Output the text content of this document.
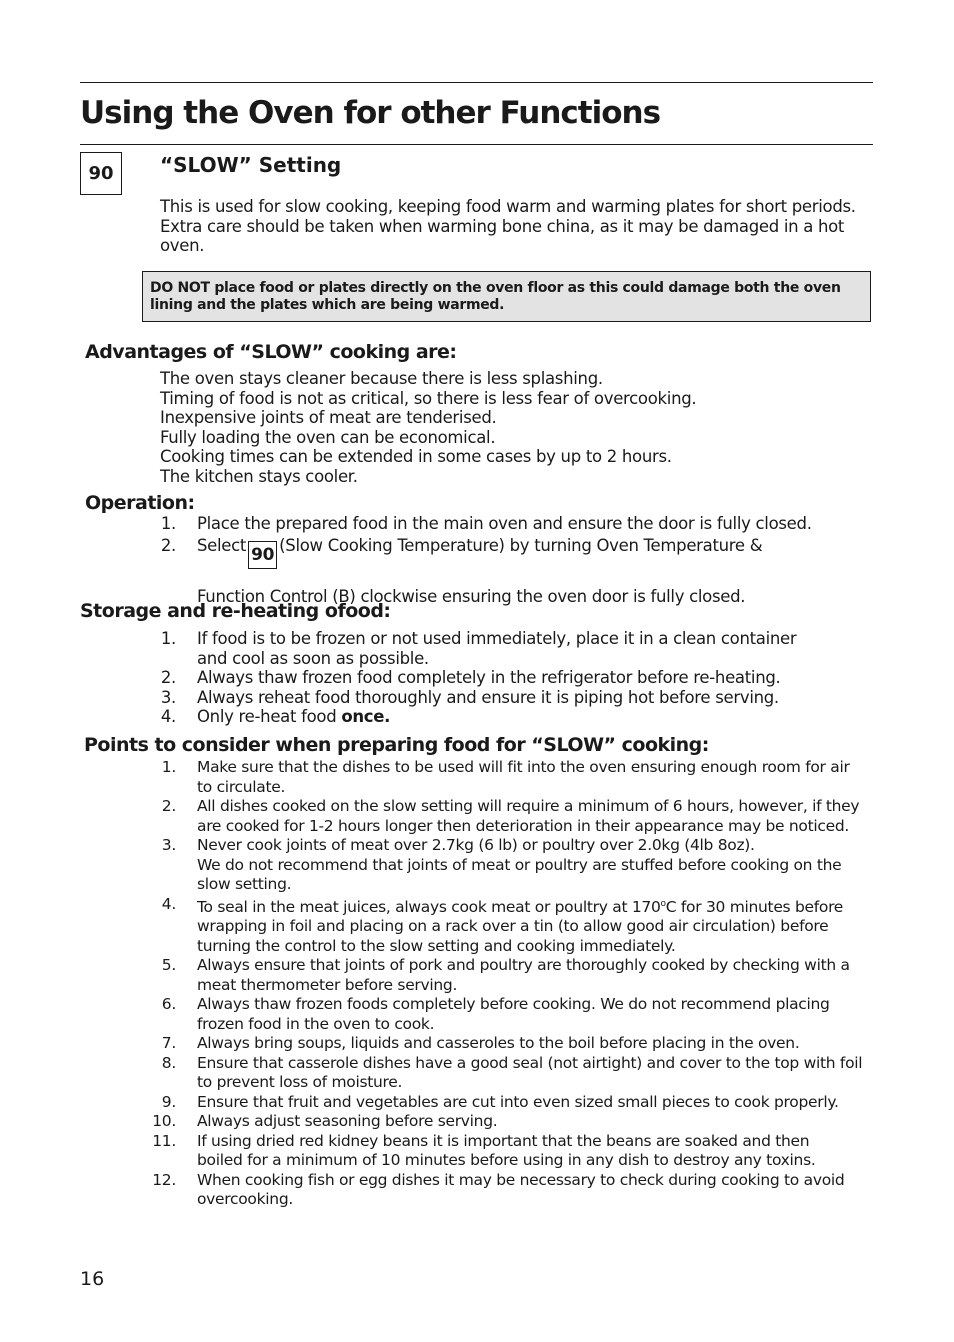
Using the Oven for other Functions
90	“SLOW” Setting
This is used for slow cooking, keeping food warm and warming plates for short periods.
Extra care should be taken when warming bone china, as it may be damaged in a hot
oven.
DO NOT place food or plates directly on the oven floor as this could damage both the oven
lining and the plates which are being warmed.
Advantages of “SLOW” cooking are:
The oven stays cleaner because there is less splashing.
Timing of food is not as critical, so there is less fear of overcooking.
Inexpensive joints of meat are tenderised.
Fully loading the oven can be economical.
Cooking times can be extended in some cases by up to 2 hours.
The kitchen stays cooler.
Operation:
1. Place the prepared food in the main oven and ensure the door is fully closed.
2. Select 90 (Slow Cooking Temperature) by turning Oven Temperature &
Function Control (B) clockwise ensuring the oven door is fully closed.
Storage and re-heating ofood:
1. If food is to be frozen or not used immediately, place it in a clean container
and cool as soon as possible.
2. Always thaw frozen food completely in the refrigerator before re-heating.
3. Always reheat food thoroughly and ensure it is piping hot before serving.
4. Only re-heat food once.
Points to consider when preparing food for “SLOW” cooking:
1. Make sure that the dishes to be used will fit into the oven ensuring enough room for air
to circulate.
2. All dishes cooked on the slow setting will require a minimum of 6 hours, however, if they
are cooked for 1-2 hours longer then deterioration in their appearance may be noticed.
3. Never cook joints of meat over 2.7kg (6 lb) or poultry over 2.0kg (4lb 8oz).
We do not recommend that joints of meat or poultry are stuffed before cooking on the
slow setting.
4. To seal in the meat juices, always cook meat or poultry at 170$^o$C for 30 minutes before
wrapping in foil and placing on a rack over a tin (to allow good air circulation) before
turning the control to the slow setting and cooking immediately.
5. Always ensure that joints of pork and poultry are thoroughly cooked by checking with a
meat thermometer before serving.
6. Always thaw frozen foods completely before cooking. We do not recommend placing
frozen food in the oven to cook.
7. Always bring soups, liquids and casseroles to the boil before placing in the oven.
8. Ensure that casserole dishes have a good seal (not airtight) and cover to the top with foil
to prevent loss of moisture.
9. Ensure that fruit and vegetables are cut into even sized small pieces to cook properly.
10. Always adjust seasoning before serving.
11. If using dried red kidney beans it is important that the beans are soaked and then
boiled for a minimum of 10 minutes before using in any dish to destroy any toxins.
12. When cooking fish or egg dishes it may be necessary to check during cooking to avoid
overcooking.
16
